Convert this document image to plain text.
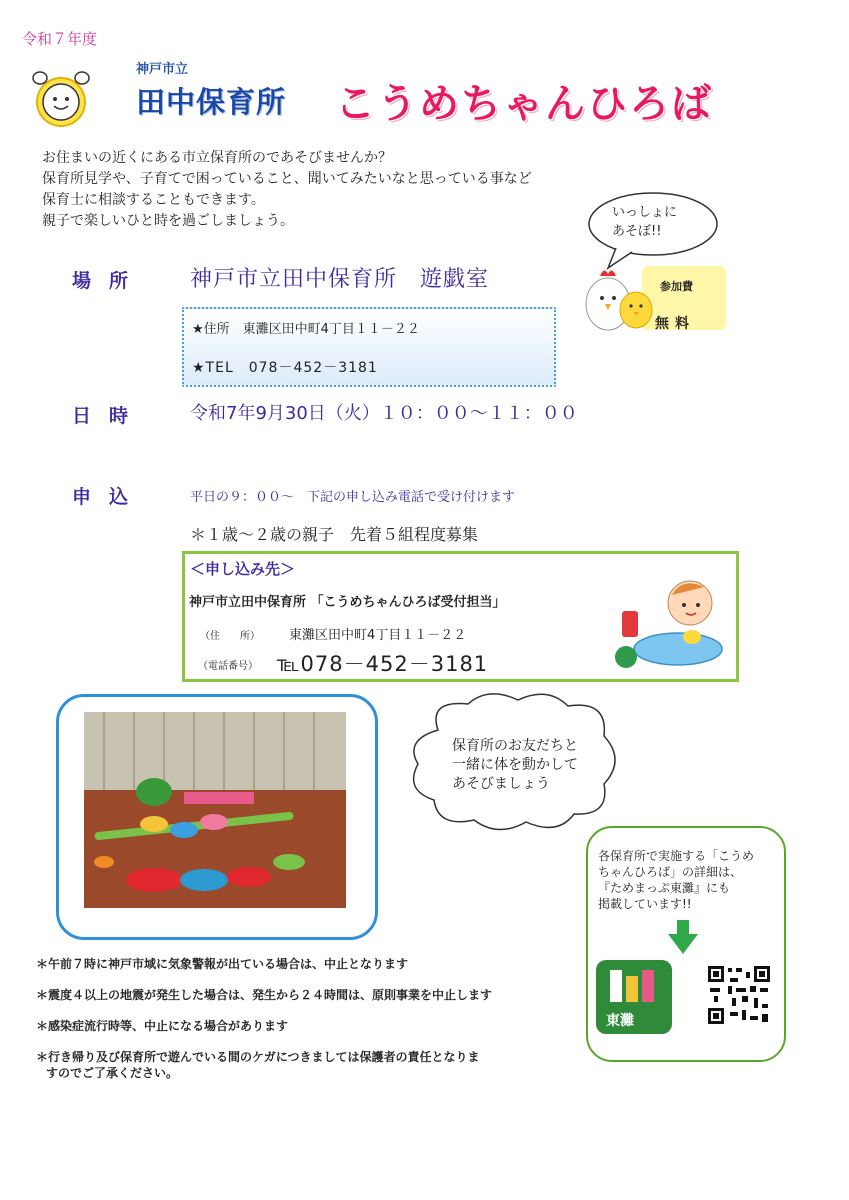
令和７年度
神戸市立
田中保育所 こうめちゃんひろば
お住まいの近くにある市立保育所のであそびませんか？
保育所見学や、子育てで困っていること、聞いてみたいなと思っている事など
保育士に相談することもできます。
親子で楽しいひと時を過ごしましょう。
いっしょに
あそぼ!!
参加費
無料
場所 神戸市立田中保育所　遊戯室
★住所　東灘区田中町4丁目１１－２２
★TEL　078－452－3181
日時 令和7年9月30日（火）１０：００～１１：００
申込	平日の９：００～　下記の申し込み電話で受け付けます
＊１歳～２歳の親子　先着５組程度募集
＜申し込み先＞
神戸市立田中保育所 「こうめちゃんひろば受付担当」
（住　　所） 東灘区田中町4丁目１１－２２
（電話番号） ℡078－452－3181
保育所のお友だちと
一緒に体を動かして
あそびましょう
各保育所で実施する「こうめ
ちゃんひろば」の詳細は、
『ためまっぷ東灘』にも
掲載しています!!
東灘
＊午前７時に神戸市域に気象警報が出ている場合は、中止となります
＊震度４以上の地震が発生した場合は、発生から２４時間は、原則事業を中止します
＊感染症流行時等、中止になる場合があります
＊行き帰り及び保育所で遊んでいる間のケガにつきましては保護者の責任となりま
すのでご了承ください。
